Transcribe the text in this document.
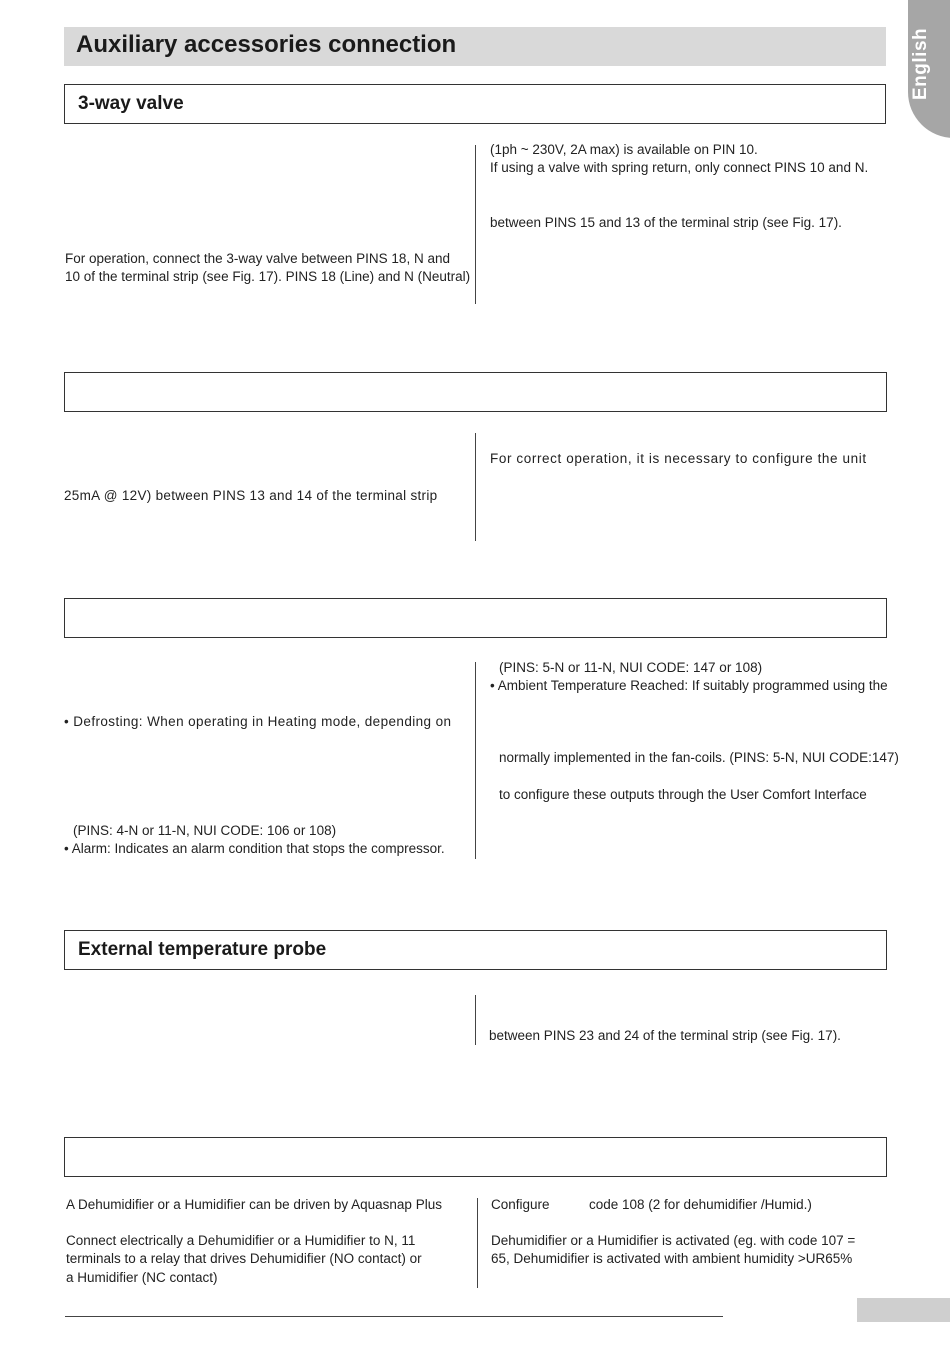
Auxiliary accessories connection	English
3-way valve
(1ph ~ 230V, 2A max) is available on PIN 10.
If using a valve with spring return, only connect PINS 10 and N.
between PINS 15 and 13 of the terminal strip (see Fig. 17).
For operation, connect the 3-way valve between PINS 18, N and
10 of the terminal strip (see Fig. 17). PINS 18 (Line) and N (Neutral)
For correct operation, it is necessary to configure the unit
25mA @ 12V) between PINS 13 and 14 of the terminal strip
(PINS: 5-N or 11-N, NUI CODE: 147 or 108)
• Ambient Temperature Reached: If suitably programmed using the
normally implemented in the fan-coils. (PINS: 5-N, NUI CODE:147)
to configure these outputs through the User Comfort Interface
• Defrosting: When operating in Heating mode, depending on
(PINS: 4-N or 11-N, NUI CODE: 106 or 108)
• Alarm: Indicates an alarm condition that stops the compressor.
External temperature probe
between PINS 23 and 24 of the terminal strip (see Fig. 17).
A Dehumidifier or a Humidifier can be driven by Aquasnap Plus
Connect electrically a Dehumidifier or a Humidifier to N, 11
terminals to a relay that drives Dehumidifier (NO contact) or
a Humidifier (NC contact)
Configure	code 108 (2 for dehumidifier /Humid.)
Dehumidifier or a Humidifier is activated (eg. with code 107 =
65, Dehumidifier is activated with ambient humidity >UR65%
